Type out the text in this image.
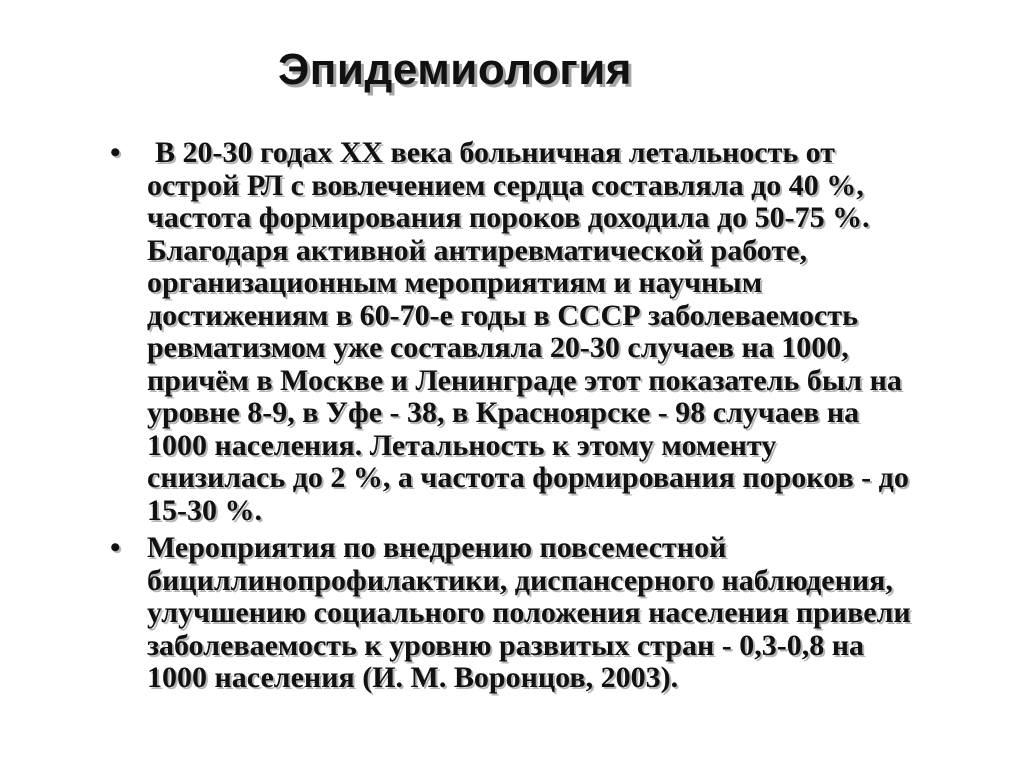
Эпидемиология
•	В 20-30 годах XX века больничная летальность от
острой РЛ с вовлечением сердца составляла до 40 %,
частота формирования пороков доходила до 50-75 %.
Благодаря активной антиревматической работе,
организационным мероприятиям и научным
достижениям в 60-70-е годы в СССР заболеваемость
ревматизмом уже составляла 20-30 случаев на 1000,
причём в Москве и Ленинграде этот показатель был на
уровне 8-9, в Уфе - 38, в Красноярске - 98 случаев на
1000 населения. Летальность к этому моменту
снизилась до 2 %, а частота формирования пороков - до
15-30 %.
• Мероприятия по внедрению повсеместной
бициллинопрофилактики, диспансерного наблюдения,
улучшению социального положения населения привели
заболеваемость к уровню развитых стран - 0,3-0,8 на
1000 населения (И. М. Воронцов, 2003).
